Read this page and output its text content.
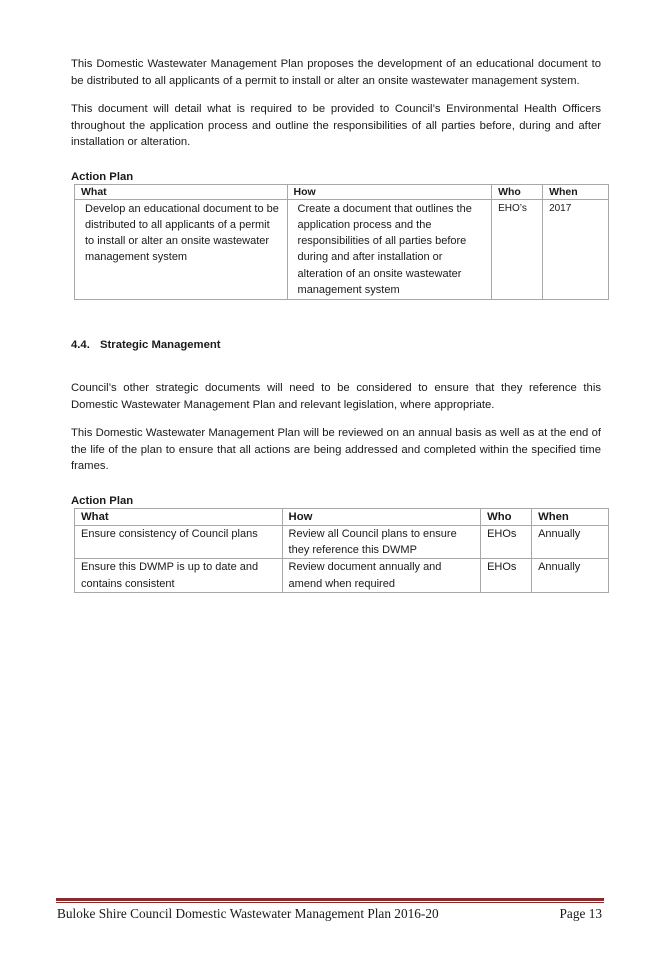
This Domestic Wastewater Management Plan proposes the development of an educational document to be distributed to all applicants of a permit to install or alter an onsite wastewater management system.

This document will detail what is required to be provided to Council’s Environmental Health Officers throughout the application process and outline the responsibilities of all parties before, during and after installation or alteration.

Action Plan
What	How	Who	When
Develop an educational document to be distributed to all applicants of a permit to install or alter an onsite wastewater management system	Create a document that outlines the application process and the responsibilities of all parties before during and after installation or alteration of an onsite wastewater management system	EHO’s	2017
4.4. Strategic Management

Council’s other strategic documents will need to be considered to ensure that they reference this Domestic Wastewater Management Plan and relevant legislation, where appropriate.

This Domestic Wastewater Management Plan will be reviewed on an annual basis as well as at the end of the life of the plan to ensure that all actions are being addressed and completed within the specified time frames.

Action Plan
What	How	Who	When
Ensure consistency of Council plans	Review all Council plans to ensure they reference this DWMP	EHOs	Annually
Ensure this DWMP is up to date and contains consistent	Review document annually and amend when required	EHOs	Annually
Buloke Shire Council Domestic Wastewater Management Plan 2016-20	Page 13
